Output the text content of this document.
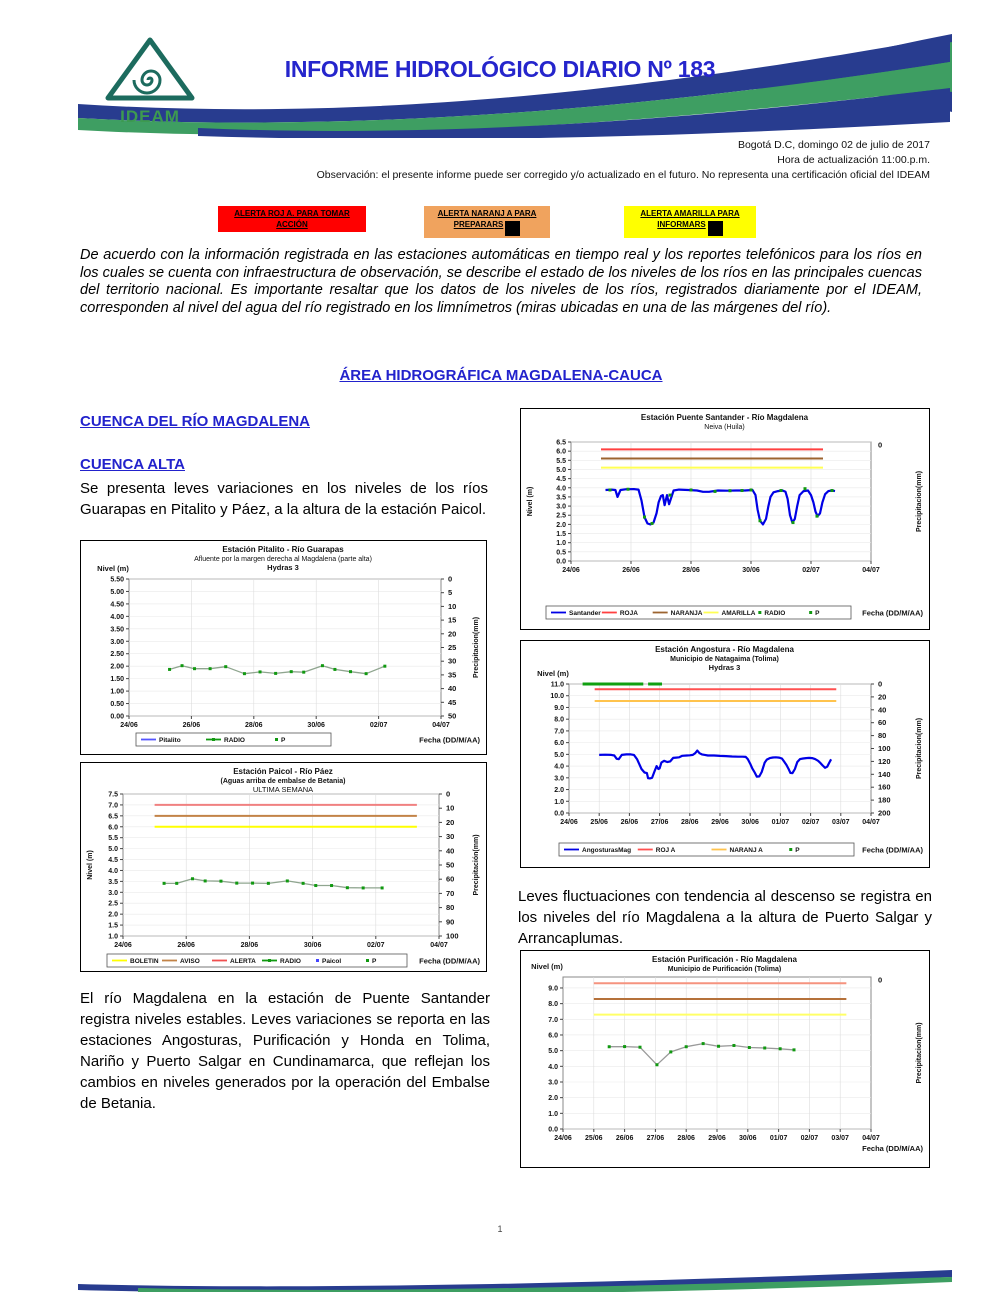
IDEAM
INFORME HIDROLÓGICO DIARIO Nº 183
Bogotá D.C, domingo 02 de julio de 2017
Hora de actualización 11:00.p.m.
Observación: el presente informe puede ser corregido y/o actualizado en el futuro. No representa una certificación oficial del IDEAM
ALERTA ROJ A. PARA TOMAR
ACCIÓN
ALERTA NARANJ A PARA
PREPARARS
ALERTA AMARILLA PARA
INFORMARS
De acuerdo con la información registrada en las estaciones automáticas en tiempo real y los reportes telefónicos para los ríos en los cuales se cuenta con infraestructura de observación, se describe el estado de los niveles de los ríos en las principales cuencas del territorio nacional. Es importante resaltar que los datos de los niveles de los ríos, registrados diariamente por el IDEAM, corresponden al nivel del agua del río registrado en los limnímetros (miras ubicadas en una de las márgenes del río).
ÁREA HIDROGRÁFICA MAGDALENA-CAUCA
CUENCA DEL RÍO MAGDALENA
CUENCA ALTA
Se presenta leves variaciones en los niveles de los ríos Guarapas en Pitalito y Páez, a la altura de la estación Paicol.
Estación Pitalito - Río Guarapas
Afluente por la margen derecha al Magdalena (parte alta)
Hydras 3
5.50
5.00
4.50
4.00
3.50
3.00
2.50
2.00
1.50
1.00
0.50
0.00
24/06	26/06	28/06	30/06	02/07	04/07
0
5
10
15
20
25
30
35
40
45
50
Nivel (m)
Precipitacion(mm)
Pitalito	RADIO	P	Fecha (DD/M/AA)
Estación Paicol - Río Páez
(Aguas arriba de embalse de Betania)
ULTIMA SEMANA
7.5
7.0
6.5
6.0
5.5
5.0
4.5
4.0
3.5
3.0
2.5
2.0
1.5
1.0
24/06	26/06	28/06	30/06	02/07	04/07
0
10
20
30
40
50
60
70
80
90
100
Nivel (m)	Precipitación(mm)
BOLETIN	AVISO	ALERTA	RADIO	Paicol	P	Fecha (DD/M/AA)
El río Magdalena en la estación de Puente Santander registra niveles estables. Leves variaciones se reporta en las estaciones Angosturas, Purificación y Honda en Tolima, Nariño y Puerto Salgar en Cundinamarca, que reflejan los cambios en niveles generados por la operación del Embalse de Betania.
Estación Puente Santander - Río Magdalena
Neiva (Huila)
6.5
6.0
5.5
5.0
4.5
4.0
3.5
3.0
2.5
2.0
1.5
1.0
0.5
0.0
24/06	26/06	28/06	30/06	02/07	04/07
0
Nivel (m)	Precipitacion(mm)
Santander	ROJA	NARANJA	AMARILLA RADIO	P	Fecha (DD/M/AA)
Estación Angostura - Río Magdalena
Municipio de Natagaima (Tolima)
Hydras 3
11.0
10.0
9.0
8.0
7.0
6.0
5.0
4.0
3.0
2.0
1.0
0.0
24/06 25/06 26/06 27/06 28/06 29/06 30/06 01/07 02/07 03/07 04/07
0
20
40
60
80
100
120
140
160
180
200
Nivel (m)
Precipitacion(mm)
AngosturasMag	ROJ A	NARANJ A	P	Fecha (DD/M/AA)
Leves fluctuaciones con tendencia al descenso se registra en los niveles del río Magdalena a la altura de Puerto Salgar y Arrancaplumas.
Estación Purificación - Río Magdalena
Municipio de Purificación (Tolima)
9.0
8.0
7.0
6.0
5.0
4.0
3.0
2.0
1.0
0.0
24/06 25/06 26/06 27/06 28/06 29/06 30/06 01/07 02/07 03/07 04/07
0
Nivel (m)
Precipitacion(mm)
Fecha (DD/M/AA)
1
